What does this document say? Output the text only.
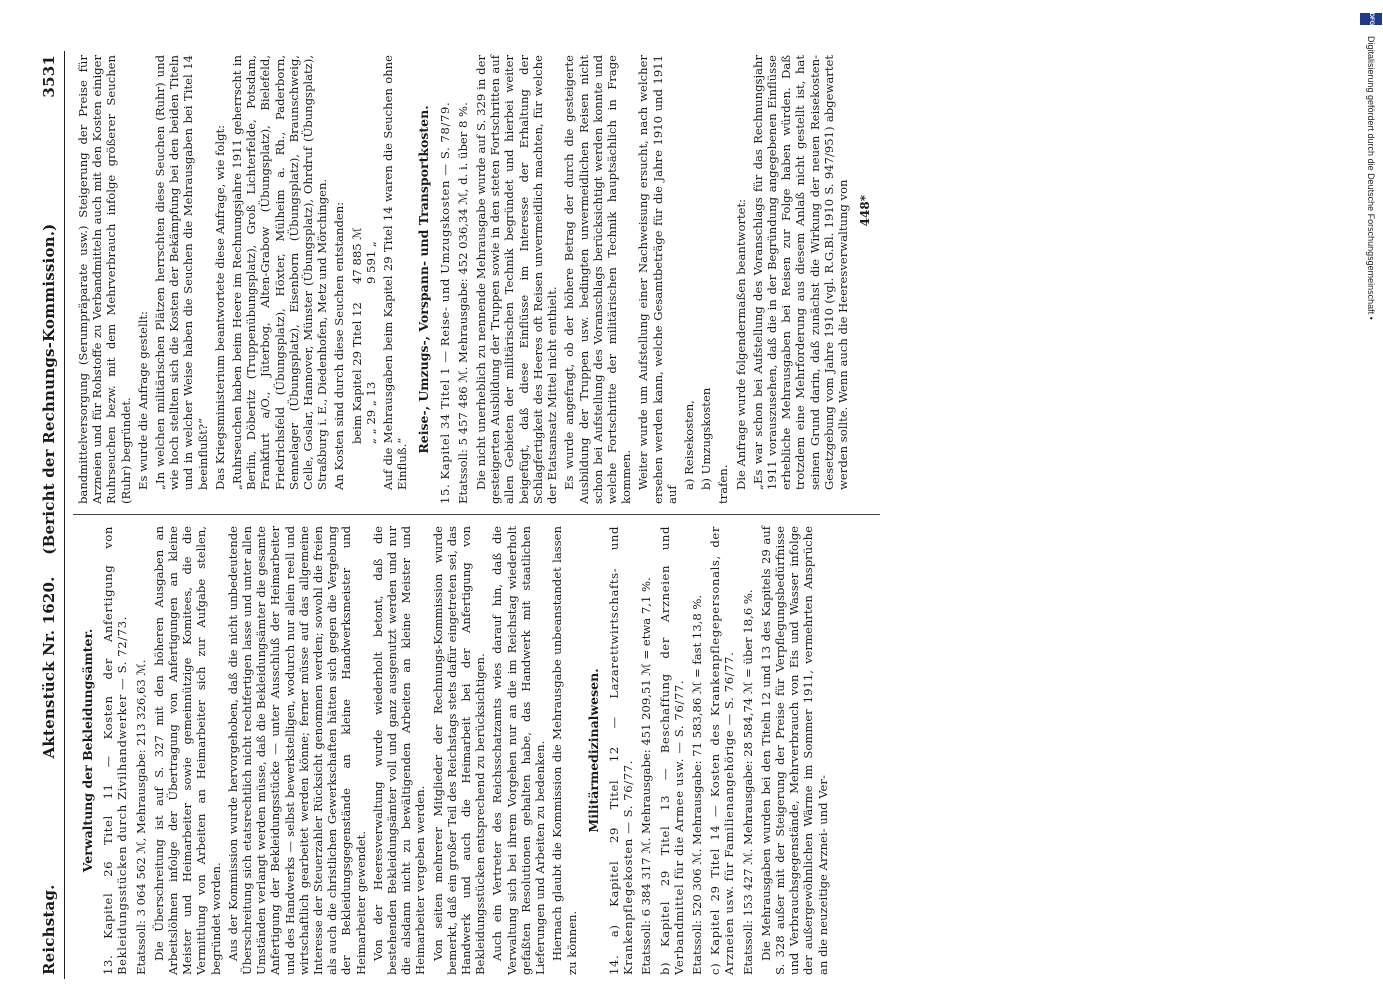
Reichstag.
Aktenstück Nr. 1620.    (Bericht der Rechnungs-Kommission.)
3531
Verwaltung der Bekleidungsämter. 13. Kapitel 26 Titel 11 — Kosten der Anfertigung von Bekleidungsstücken durch Zivilhandwerker — S. 72/73. Etatssoll: 3 064 562 ℳ, Mehrausgabe: 213 326,63 ℳ. Die Überschreitung ist auf S. 327 mit den höheren Ausgaben an Arbeitslöhnen infolge der Übertragung von Anfertigungen an kleine Meister und Heimarbeiter sowie gemeinnützige Komitees, die die Vermittlung von Arbeiten an Heimarbeiter sich zur Aufgabe stellen, begründet worden. Aus der Kommission wurde hervorgehoben, daß die nicht unbedeutende Überschreitung sich etatsrechtlich nicht rechtfertigen lasse und unter allen Umständen verlangt werden müsse, daß die Bekleidungsämter die gesamte Anfertigung der Bekleidungsstücke — unter Ausschluß der Heimarbeiter und des Handwerks — selbst bewerkstelligen, wodurch nur allein reell und wirtschaftlich gearbeitet werden könne; ferner müsse auf das allgemeine Interesse der Steuerzahler Rücksicht genommen werden; sowohl die freien als auch die christlichen Gewerkschaften hätten sich gegen die Vergebung der Bekleidungsgegenstände an kleine Handwerksmeister und Heimarbeiter gewendet. Von der Heeresverwaltung wurde wiederholt betont, daß die bestehenden Bekleidungsämter voll und ganz ausgenutzt werden und nur die alsdann nicht zu bewältigenden Arbeiten an kleine Meister und Heimarbeiter vergeben werden. Von seiten mehrerer Mitglieder der Rechnungs-Kommission wurde bemerkt, daß ein großer Teil des Reichstags stets dafür eingetreten sei, das Handwerk und auch die Heimarbeit bei der Anfertigung von Bekleidungsstücken entsprechend zu berücksichtigen. Auch ein Vertreter des Reichsschatzamts wies darauf hin, daß die Verwaltung sich bei ihrem Vorgehen nur an die im Reichstag wiederholt gefaßten Resolutionen gehalten habe, das Handwerk mit staatlichen Lieferungen und Arbeiten zu bedenken. Hiernach glaubt die Kommission die Mehrausgabe unbeanstandet lassen zu können.

Militärmedizinalwesen. 14. a) Kapitel 29 Titel 12 — Lazarettwirtschafts- und Krankenpflegekosten — S. 76/77. Etatssoll: 6 384 317 ℳ. Mehrausgabe: 451 209,51 ℳ = etwa 7,1 %. b) Kapitel 29 Titel 13 — Beschaffung der Arzneien und Verbandmittel für die Armee usw. — S. 76/77. Etatssoll: 520 306 ℳ. Mehrausgabe: 71 583,86 ℳ = fast 13,8 %. c) Kapitel 29 Titel 14 — Kosten des Krankenpflegepersonals, der Arzneien usw. für Familienangehörige — S. 76/77. Etatssoll: 153 427 ℳ. Mehrausgabe: 28 584,74 ℳ = über 18,6 %. Die Mehrausgaben wurden bei den Titeln 12 und 13 des Kapitels 29 auf S. 328 außer mit der Steigerung der Preise für Verpflegungsbedürfnisse und Verbrauchsgegenstände, Mehrverbrauch von Eis und Wasser infolge der außergewöhnlichen Wärme im Sommer 1911, vermehrten Ansprüche an die neuzeitige Arznei- und Ver-

bandmittelversorgung (Serumpräparate usw.) Steigerung der Preise für Arzneien und für Rohstoffe zu Verbandmitteln auch mit den Kosten einiger Ruhrseuchen bezw. mit dem Mehrverbrauch infolge größerer Seuchen (Ruhr) begründet. Es wurde die Anfrage gestellt: „In welchen militärischen Plätzen herrschten diese Seuchen (Ruhr) und wie hoch stellten sich die Kosten der Bekämpfung bei den beiden Titeln und in welcher Weise haben die Seuchen die Mehrausgaben bei Titel 14 beeinflußt?“ Das Kriegsministerium beantwortete diese Anfrage, wie folgt: „Ruhrseuchen haben beim Heere im Rechnungsjahre 1911 geherrscht in Berlin, Döberitz (Truppenübungsplatz), Groß Lichterfelde, Potsdam, Frankfurt a/O., Jüterbog, Alten-Grabow (Übungsplatz), Bielefeld, Friedrichsfeld (Übungsplatz), Höxter, Mülheim a. Rh., Paderborn, Sennelager (Übungsplatz), Eisenborn (Übungsplatz), Braunschweig, Celle, Goslar, Hannover, Münster (Übungsplatz), Ohrdruf (Übungsplatz), Straßburg i. E., Diedenhofen, Metz und Mörchingen. An Kosten sind durch diese Seuchen entstanden: beim Kapitel 29 Titel 12
47 885 ℳ
„ „ 29 „ 13
9 591 „ Auf die Mehrausgaben beim Kapitel 29 Titel 14 waren die Seuchen ohne Einfluß.“

Reise-, Umzugs-, Vorspann- und Transportkosten. 15. Kapitel 34 Titel 1 — Reise- und Umzugskosten — S. 78/79. Etatssoll: 5 457 486 ℳ. Mehrausgabe: 452 036,34 ℳ, d. i. über 8 %. Die nicht unerheblich zu nennende Mehrausgabe wurde auf S. 329 in der gesteigerten Ausbildung der Truppen sowie in den steten Fortschritten auf allen Gebieten der militärischen Technik begründet und hierbei weiter beigefügt, daß diese Einflüsse im Interesse der Erhaltung der Schlagfertigkeit des Heeres oft Reisen unvermeidlich machten, für welche der Etatsansatz Mittel nicht enthielt. Es wurde angefragt, ob der höhere Betrag der durch die gesteigerte Ausbildung der Truppen usw. bedingten unvermeidlichen Reisen nicht schon bei Aufstellung des Voranschlags berücksichtigt werden konnte und welche Fortschritte der militärischen Technik hauptsächlich in Frage kommen. Weiter wurde um Aufstellung einer Nachweisung ersucht, nach welcher ersehen werden kann, welche Gesamtbeträge für die Jahre 1910 und 1911 auf

a) Reisekosten, b) Umzugskosten trafen. Die Anfrage wurde folgendermaßen beantwortet: „Es war schon bei Aufstellung des Voranschlags für das Rechnungsjahr 1911 vorauszusehen, daß die in der Begründung angegebenen Einflüsse erhebliche Mehrausgaben bei Reisen zur Folge haben würden. Daß trotzdem eine Mehrforderung aus diesem Anlaß nicht gestellt ist, hat seinen Grund darin, daß zunächst die Wirkung der neuen Reisekosten-Gesetzgebung vom Jahre 1910 (vgl. R.G.Bl. 1910 S. 947/951) abgewartet werden sollte. Wenn auch die Heeresverwaltung von 448*
DFG
Digitalisierung gefördert durch die Deutsche Forschungsgemeinschaft •
